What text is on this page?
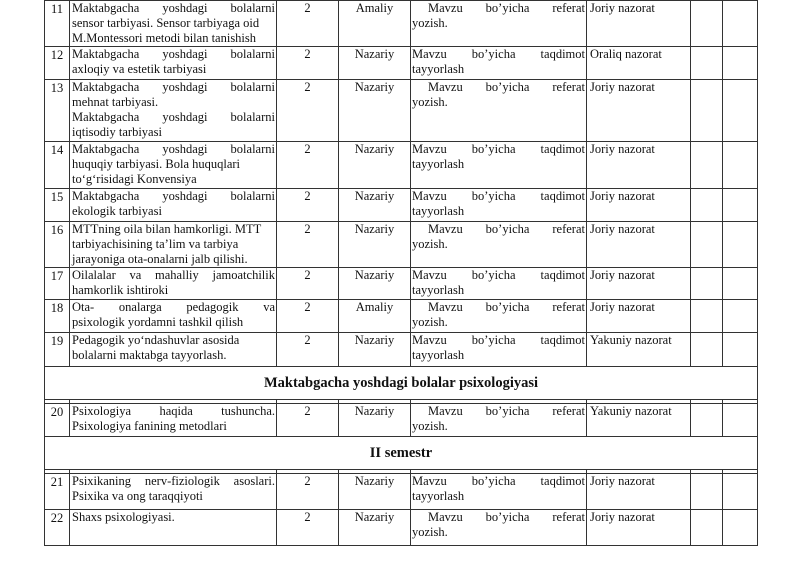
11	Maktabgacha yoshdagi bolalarni
sensor tarbiyasi. Sensor tarbiyaga oid
M.Montessori metodi bilan tanishish	2	Amaliy	Mavzu bo’yicha referat
yozish.	Joriy nazorat		
12	Maktabgacha yoshdagi bolalarni
axloqiy va estetik tarbiyasi	2	Nazariy	Mavzu bo’yicha taqdimot
tayyorlash	Oraliq nazorat		
13	Maktabgacha yoshdagi bolalarni
mehnat tarbiyasi.
Maktabgacha yoshdagi bolalarni
iqtisodiy tarbiyasi	2	Nazariy	Mavzu bo’yicha referat
yozish.	Joriy nazorat		
14	Maktabgacha yoshdagi bolalarni
huquqiy tarbiyasi. Bola huquqlari
to‘g‘risidagi Konvensiya	2	Nazariy	Mavzu bo’yicha taqdimot
tayyorlash	Joriy nazorat		
15	Maktabgacha yoshdagi bolalarni
ekologik tarbiyasi	2	Nazariy	Mavzu bo’yicha taqdimot
tayyorlash	Joriy nazorat		
16	MTTning oila bilan hamkorligi. MTT
tarbiyachisining ta’lim va tarbiya
jarayoniga ota-onalarni jalb qilishi.	2	Nazariy	Mavzu bo’yicha referat
yozish.	Joriy nazorat		
17	Oilalalar va mahalliy jamoatchilik
hamkorlik ishtiroki	2	Nazariy	Mavzu bo’yicha taqdimot
tayyorlash	Joriy nazorat		
18	Ota- onalarga pedagogik va
psixologik yordamni tashkil qilish	2	Amaliy	Mavzu bo’yicha referat
yozish.	Joriy nazorat		
19	Pedagogik yo‘ndashuvlar asosida
bolalarni maktabga tayyorlash.	2	Nazariy	Mavzu bo’yicha taqdimot
tayyorlash	Yakuniy nazorat		
Maktabgacha yoshdagi bolalar psixologiyasi							

20	Psixologiya haqida tushuncha.
Psixologiya fanining metodlari	2	Nazariy	Mavzu bo’yicha referat
yozish.	Yakuniy nazorat		
II semestr							

21	Psixikaning nerv-fiziologik asoslari.
Psixika va ong taraqqiyoti	2	Nazariy	Mavzu bo’yicha taqdimot
tayyorlash	Joriy nazorat		
22	Shaxs psixologiyasi.	2	Nazariy	Mavzu bo’yicha referat
yozish.	Joriy nazorat		
